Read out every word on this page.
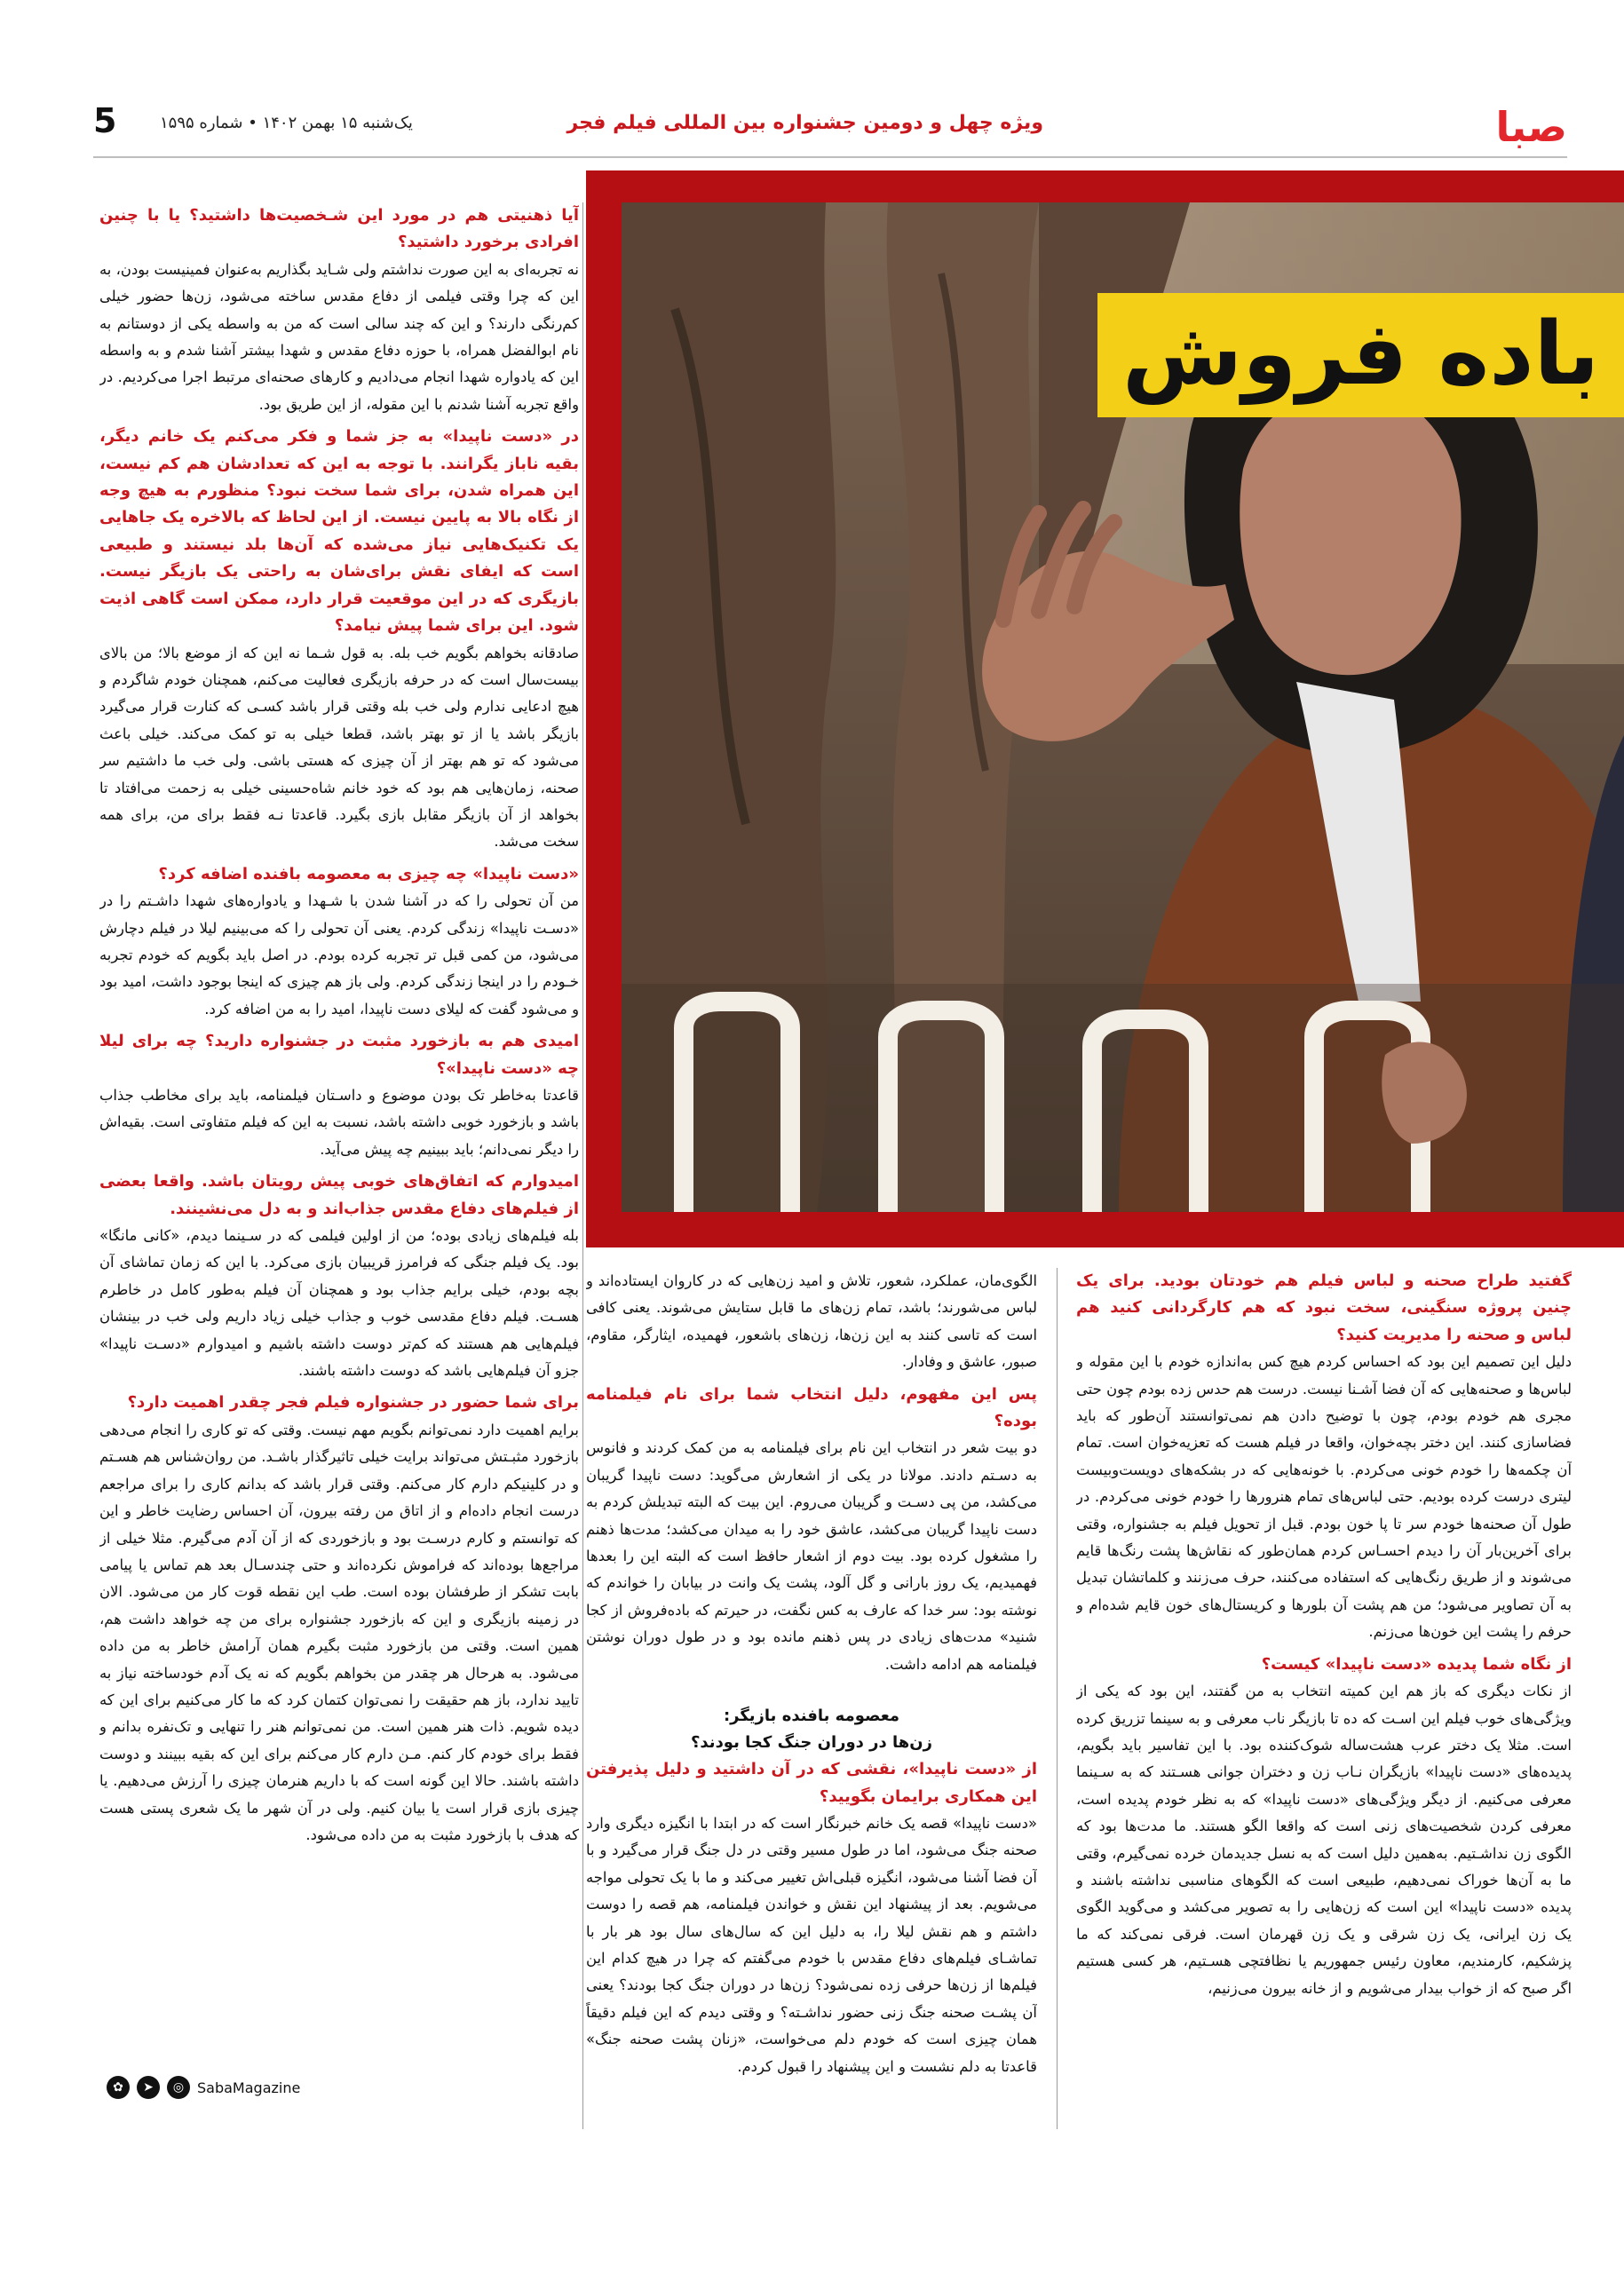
صبا
ویژه چهل و دومین جشنواره بین المللی فیلم فجر
یک‌شنبه ۱۵ بهمن ۱۴۰۲ • شماره ۱۵۹۵
5
باده فروش

آیا ذهنیتی هم در مورد این شـخصیت‌ها داشتید؟ یا با چنین افرادی برخورد داشتید؟

نه تجربه‌ای به این صورت نداشتم ولی شـاید بگذاریم به‌عنوان فمینیست بودن، به این که چرا وقتی فیلمی از دفاع مقدس ساخته می‌شود، زن‌ها حضور خیلی کم‌رنگی دارند؟ و این که چند سالی است که من به واسطه یکی از دوستانم به نام ابوالفضل همراه، با حوزه دفاع مقدس و شهدا بیشتر آشنا شدم و به واسطه این که یادواره شهدا انجام می‌دادیم و کارهای صحنه‌ای مرتبط اجرا می‌کردیم. در واقع تجربه آشنا شدنم با این مقوله، از این طریق بود.

در «دست ناپیدا» به جز شما و فکر می‌کنم یک خانم دیگر، بقیه ناباز یگرانند. با توجه به این که تعدادشان هم کم نیست، این همراه شدن، برای شما سخت نبود؟ منظورم به هیچ وجه از نگاه بالا به پایین نیست. از این لحاظ که بالاخره یک جاهایی یک تکنیک‌هایی نیاز می‌شده که آن‌ها بلد نیستند و طبیعی است که ایفای نقش برای‌شان به راحتی یک بازیگر نیست. بازیگری که در این موقعیت قرار دارد، ممکن است گاهی اذیت شود. این برای شما پیش نیامد؟

صادقانه بخواهم بگویم خب بله. به قول شـما نه این که از موضع بالا؛ من بالای بیست‌سال است که در حرفه بازیگری فعالیت می‌کنم، همچنان خودم شاگردم و هیچ ادعایی ندارم ولی خب بله وقتی قرار باشد کسـی که کنارت قرار می‌گیرد بازیگر باشد یا از تو بهتر باشد، قطعا خیلی به تو کمک می‌کند. خیلی باعث می‌شود که تو هم بهتر از آن چیزی که هستی باشی. ولی خب ما داشتیم سر صحنه، زمان‌هایی هم بود که خود خانم شاه‌حسینی خیلی به زحمت می‌افتاد تا بخواهد از آن بازیگر مقابل بازی بگیرد. قاعدتا نـه فقط برای من، برای همه سخت می‌شد.

«دست ناپیدا» چه چیزی به معصومه بافنده اضافه کرد؟

من آن تحولی را که در آشنا شدن با شـهدا و یادواره‌های شهدا داشـتم را در «دسـت ناپیدا» زندگی کردم. یعنی آن تحولی را که می‌بینیم لیلا در فیلم دچارش می‌شود، من کمی قبل تر تجربه کرده بودم. در اصل باید بگویم که خودم تجربه خـودم را در اینجا زندگی کردم. ولی باز هم چیزی که اینجا بوجود داشت، امید بود و می‌شود گفت که لیلای دست ناپیدا، امید را به من اضافه کرد.

امیدی هم به بازخورد مثبت در جشنواره دارید؟ چه برای لیلا چه «دست ناپیدا»؟

قاعدتا به‌خاطر تک بودن موضوع و داسـتان فیلمنامه، باید برای مخاطب جذاب باشد و بازخورد خوبی داشته باشد، نسبت به این که فیلم متفاوتی است. بقیه‌اش را دیگر نمی‌دانم؛ باید ببینیم چه پیش می‌آید.

امیدوارم که اتفاق‌های خوبی پیش رویتان باشد. واقعا بعضی از فیلم‌های دفاع مقدس جذاب‌اند و به دل می‌نشینند.

بله فیلم‌های زیادی بوده؛ من از اولین فیلمی که در سـینما دیدم، «کانی مانگا» بود. یک فیلم جنگی که فرامرز قریبیان بازی می‌کرد. با این که زمان تماشای آن بچه بودم، خیلی برایم جذاب بود و همچنان آن فیلم به‌طور کامل در خاطرم هسـت. فیلم دفاع مقدسی خوب و جذاب خیلی زیاد داریم ولی خب در بینشان فیلم‌هایی هم هستند که کم‌تر دوست داشته باشیم و امیدوارم «دسـت ناپیدا» جزو آن فیلم‌هایی باشد که دوست داشته باشند.

برای شما حضور در جشنواره فیلم فجر چقدر اهمیت دارد؟

برایم اهمیت دارد نمی‌توانم بگویم مهم نیست. وقتی که تو کاری را انجام می‌دهی بازخورد مثبـتش می‌تواند برایت خیلی تاثیرگذار باشـد. من روان‌شناس هم هسـتم و در کلینیکم دارم کار می‌کنم. وقتی قرار باشد که بدانم کاری را برای مراجعم درست انجام داده‌ام و از اتاق من رفته بیرون، آن احساس رضایت خاطر و این که توانستم و کارم درسـت بود و بازخوردی که از آن آدم می‌گیرم. مثلا خیلی از مراجع‌ها بوده‌اند که فراموش نکرده‌اند و حتی چندسـال بعد هم تماس یا پیامی بابت تشکر از طرفشان بوده است. طب این نقطه قوت کار من می‌شود. الان در زمینه بازیگری و این که بازخورد جشنواره برای من چه خواهد داشت هم، همین است. وقتی من بازخورد مثبت بگیرم همان آرامش خاطر به من داده می‌شود. به هرحال هر چقدر من بخواهم بگویم که نه یک آدم خودساخته نیاز به تایید ندارد، باز هم حقیقت را نمی‌توان کتمان کرد که ما کار می‌کنیم برای این که دیده شویم. ذات هنر همین است. من نمی‌توانم هنر را تنهایی و تک‌نفره بدانم و فقط برای خودم کار کنم. مـن دارم کار می‌کنم برای این که بقیه ببینند و دوست داشته باشند. حالا این گونه است که با داریم هنرمان چیزی را آرزش می‌دهیم. یا چیزی بازی قرار است یا بیان کنیم. ولی در آن شهر ما یک شعری پستی هست که هدف با بازخورد مثبت به من داده می‌شود.

الگوی‌مان، عملکرد، شعور، تلاش و امید زن‌هایی که در کاروان ایستاده‌اند و لباس می‌شورند؛ باشد، تمام زن‌های ما قابل ستایش می‌شوند. یعنی کافی است که تاسی کنند به این زن‌ها، زن‌های باشعور، فهمیده، ایثارگر، مقاوم، صبور، عاشق و وفادار.

پس این مفهوم، دلیل انتخاب شما برای نام فیلمنامه بوده؟

دو بیت شعر در انتخاب این نام برای فیلمنامه به من کمک کردند و فانوس به دسـتم دادند. مولانا در یکی از اشعارش می‌گوید: دست ناپیدا گریبان می‌کشد، من پی دسـت و گریبان می‌روم. این بیت که البته تبدیلش کردم به دست ناپیدا گریبان می‌کشد، عاشق خود را به میدان می‌کشد؛ مدت‌ها ذهنم را مشغول کرده بود. بیت دوم از اشعار حافظ است که البته این را بعدها فهمیدیم، یک روز بارانی و گل آلود، پشت یک وانت در بیابان را خواندم که نوشته بود: سر خدا که عارف به کس نگفت، در حیرتم که باده‌فروش از کجا شنید» مدت‌های زیادی در پس ذهنم مانده بود و در طول دوران نوشتن فیلمنامه هم ادامه داشت.

معصومه بافنده بازیگر:
زن‌ها در دوران جنگ کجا بودند؟

از «دست ناپیدا»، نقشی که در آن داشتید و دلیل پذیرفتن این همکاری برایمان بگویید؟

«دست ناپیدا» قصه یک خانم خبرنگار است که در ابتدا با انگیزه دیگری وارد صحنه جنگ می‌شود، اما در طول مسیر وقتی در دل جنگ قرار می‌گیرد و با آن فضا آشنا می‌شود، انگیزه قبلی‌اش تغییر می‌کند و ما با یک تحولی مواجه می‌شویم. بعد از پیشنهاد این نقش و خواندن فیلمنامه، هم قصه را دوست داشتم و هم نقش لیلا را، به دلیل این که سال‌های سال بود هر بار با تماشـای فیلم‌های دفاع مقدس با خودم می‌گفتم که چرا در هیچ کدام این فیلم‌ها از زن‌ها حرفی زده نمی‌شود؟ زن‌ها در دوران جنگ کجا بودند؟ یعنی آن پشـت صحنه جنگ زنی حضور نداشـته؟ و وقتی دیدم که این فیلم دقیقاً همان چیزی است که خودم دلم می‌خواست، «زنان پشت صحنه جنگ» قاعدتا به دلم نشست و این پیشنهاد را قبول کردم.

گفتید طراح صحنه و لباس فیلم هم خودتان بودید. برای یک چنین پروژه سنگینی، سخت نبود که هم کارگردانی کنید هم لباس و صحنه را مدیریت کنید؟

دلیل این تصمیم این بود که احساس کردم هیچ کس به‌اندازه خودم با این مقوله و لباس‌ها و صحنه‌هایی که آن فضا آشـنا نیست. درست هم حدس زده بودم چون حتی مجری هم خودم بودم، چون با توضیح دادن هم نمی‌توانستند آن‌طور که باید فضاسازی کنند. این دختر بچه‌خوان، واقعا در فیلم هست که تعزیه‌خوان است. تمام آن چکمه‌ها را خودم خونی می‌کردم. با خونه‌هایی که در بشکه‌های دویست‌وبیست لیتری درست کرده بودیم. حتی لباس‌های تمام هنرورها را خودم خونی می‌کردم. در طول آن صحنه‌ها خودم سر تا پا خون بودم. قبل از تحویل فیلم به جشنواره، وقتی برای آخرین‌بار آن را دیدم احسـاس کردم همان‌طور که نقاش‌ها پشت رنگ‌ها قایم می‌شوند و از طریق رنگ‌هایی که استفاده می‌کنند، حرف می‌زنند و کلماتشان تبدیل به آن تصاویر می‌شود؛ من هم پشت آن بلورها و کریستال‌های خون قایم شده‌ام و حرفم را پشت این خون‌ها می‌زنم.

از نگاه شما پدیده «دست ناپیدا» کیست؟

از نکات دیگری که باز هم این کمیته انتخاب به من گفتند، این بود که یکی از ویژگی‌های خوب فیلم این اسـت که ده تا بازیگر ناب معرفی و به سینما تزریق کرده است. مثلا یک دختر عرب هشت‌ساله شوک‌کننده بود. با این تفاسیر باید بگویم، پدیده‌های «دست ناپیدا» بازیگران نـاب زن و دختران جوانی هسـتند که به سـینما معرفی می‌کنیم. از دیگر ویژگی‌های «دست ناپیدا» که به نظر خودم پدیده است، معرفی کردن شخصیت‌های زنی است که واقعا الگو هستند. ما مدت‌ها بود که الگوی زن نداشـتیم. به‌همین دلیل است که به نسل جدیدمان خرده نمی‌گیرم، وقتی ما به آن‌ها خوراک نمی‌دهیم، طبیعی است که الگوهای مناسبی نداشته باشند و پدیده «دست ناپیدا» این است که زن‌هایی را به تصویر می‌کشد و می‌گوید الگوی یک زن ایرانی، یک زن شرقی و یک زن قهرمان است. فرقی نمی‌کند که ما پزشکیم، کارمندیم، معاون رئیس جمهوریم یا نظافتچی هسـتیم، هر کسی هستیم اگر صبح که از خواب بیدار می‌شویم و از خانه بیرون می‌زنیم،

SabaMagazine
◎
➤
✿
